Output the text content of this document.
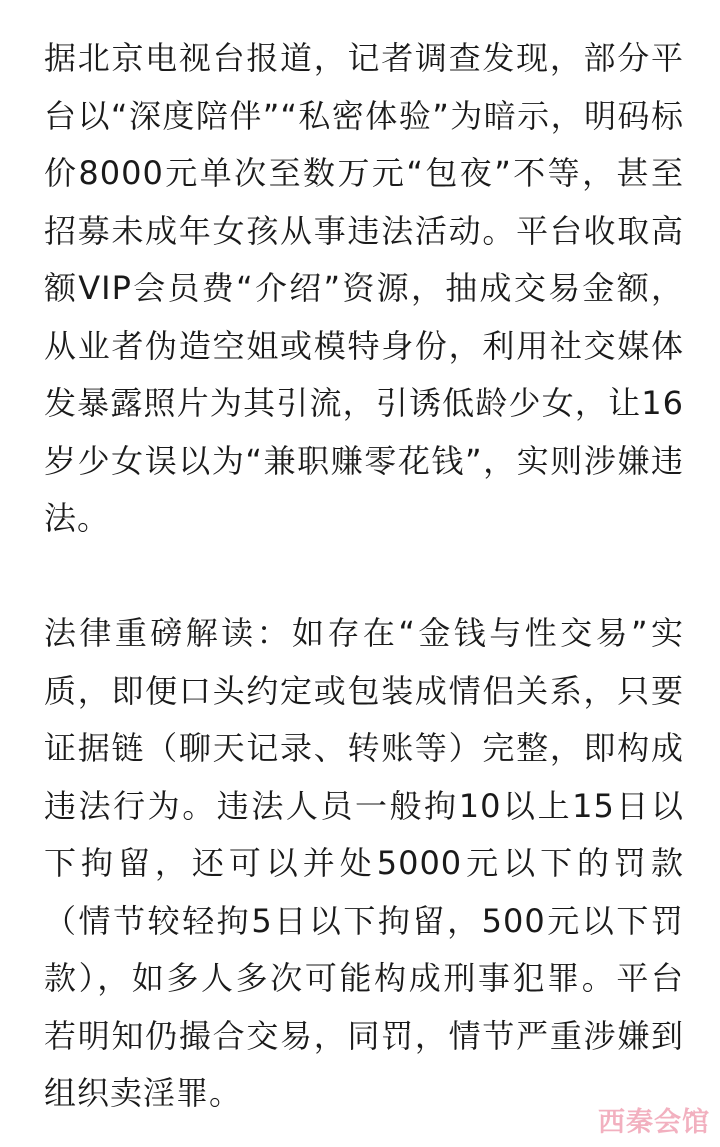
据北京电视台报道，记者调查发现，部分平台以“深度陪伴”“私密体验”为暗示，明码标价8000元单次至数万元“包夜”不等，甚至招募未成年女孩从事违法活动。平台收取高额VIP会员费“介绍”资源，抽成交易金额，从业者伪造空姐或模特身份，利用社交媒体发暴露照片为其引流，引诱低龄少女，让16岁少女误以为“兼职赚零花钱”，实则涉嫌违法。

法律重磅解读：如存在“金钱与性交易”实质，即便口头约定或包装成情侣关系，只要证据链（聊天记录、转账等）完整，即构成违法行为。违法人员一般拘10以上15日以下拘留，还可以并处5000元以下的罚款（情节较轻拘5日以下拘留，500元以下罚款），如多人多次可能构成刑事犯罪。平台若明知仍撮合交易，同罚，情节严重涉嫌到组织卖淫罪。

西秦会馆
